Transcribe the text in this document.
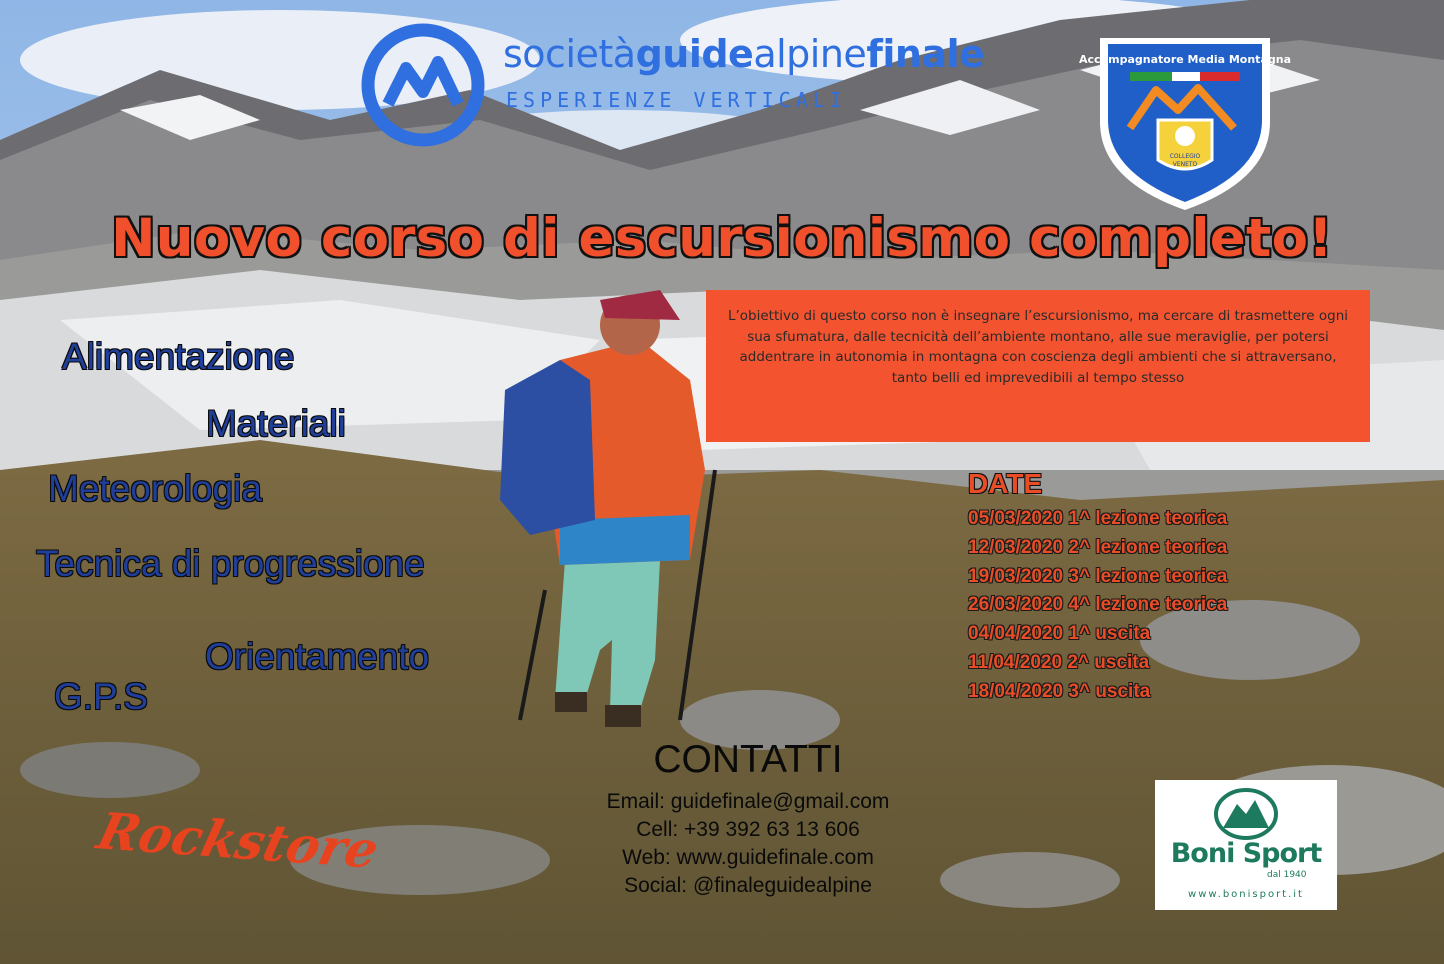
societàguidealpinefinale
ESPERIENZE VERTICALI
Accompagnatore Media Montagna
COLLEGIO
VENETO
Nuovo corso di escursionismo completo!
L’obiettivo di questo corso non è insegnare l’escursionismo, ma cercare di trasmettere ogni sua sfumatura, dalle tecnicità dell’ambiente montano, alle sue meraviglie, per potersi addentrare in autonomia in montagna con coscienza degli ambienti che si attraversano, tanto belli ed imprevedibili al tempo stesso
Alimentazione
Materiali
Meteorologia
Tecnica di progressione
Orientamento
G.P.S
DATE
05/03/2020 1^ lezione teorica
12/03/2020 2^ lezione teorica
19/03/2020 3^ lezione teorica
26/03/2020 4^ lezione teorica
04/04/2020 1^ uscita
11/04/2020 2^ uscita
18/04/2020 3^ uscita
CONTATTI
Email: guidefinale@gmail.com
Cell: +39 392 63 13 606
Web: www.guidefinale.com
Social: @finaleguidealpine
Rockstore	Boni Sport
dal 1940
www.bonisport.it
